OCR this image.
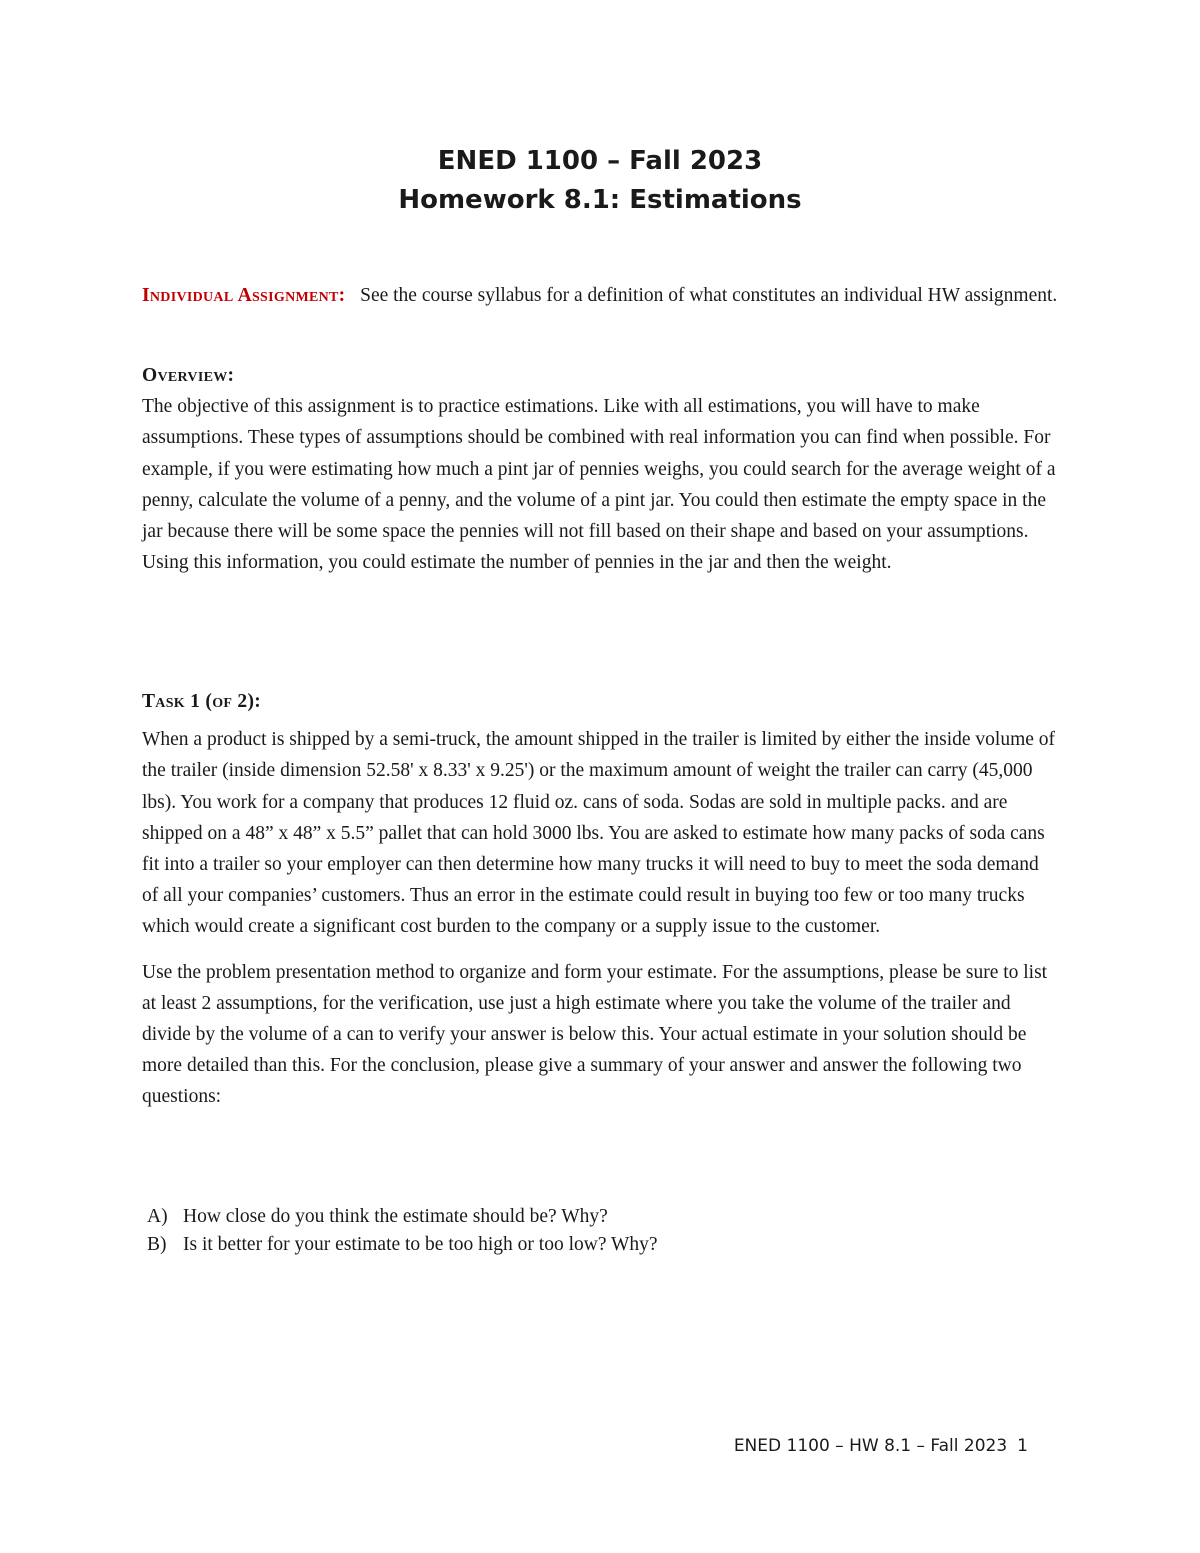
ENED 1100 – Fall 2023

Homework 8.1: Estimations

Individual Assignment: See the course syllabus for a definition of what constitutes an individual HW assignment.

Overview:

The objective of this assignment is to practice estimations. Like with all estimations, you will have to make assumptions. These types of assumptions should be combined with real information you can find when possible. For example, if you were estimating how much a pint jar of pennies weighs, you could search for the average weight of a penny, calculate the volume of a penny, and the volume of a pint jar. You could then estimate the empty space in the jar because there will be some space the pennies will not fill based on their shape and based on your assumptions. Using this information, you could estimate the number of pennies in the jar and then the weight.

Task 1 (of 2):

When a product is shipped by a semi-truck, the amount shipped in the trailer is limited by either the inside volume of the trailer (inside dimension 52.58' x 8.33' x 9.25') or the maximum amount of weight the trailer can carry (45,000 lbs). You work for a company that produces 12 fluid oz. cans of soda. Sodas are sold in multiple packs. and are shipped on a 48” x 48” x 5.5” pallet that can hold 3000 lbs. You are asked to estimate how many packs of soda cans fit into a trailer so your employer can then determine how many trucks it will need to buy to meet the soda demand of all your companies’ customers. Thus an error in the estimate could result in buying too few or too many trucks which would create a significant cost burden to the company or a supply issue to the customer.

Use the problem presentation method to organize and form your estimate. For the assumptions, please be sure to list at least 2 assumptions, for the verification, use just a high estimate where you take the volume of the trailer and divide by the volume of a can to verify your answer is below this. Your actual estimate in your solution should be more detailed than this. For the conclusion, please give a summary of your answer and answer the following two questions:

A) How close do you think the estimate should be? Why?
B) Is it better for your estimate to be too high or too low? Why?
ENED 1100 – HW 8.1 – Fall 2023 1
